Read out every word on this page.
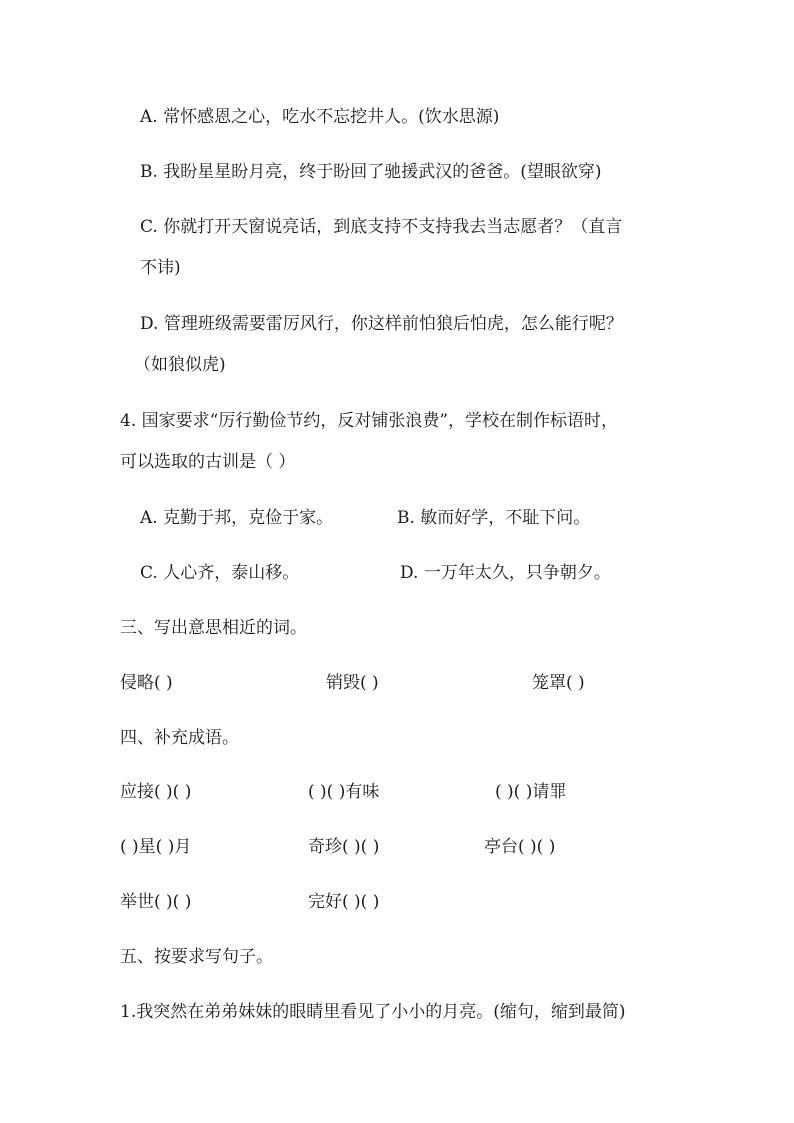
A. 常怀感恩之心，吃水不忘挖井人。(饮水思源)
B. 我盼星星盼月亮，终于盼回了驰援武汉的爸爸。(望眼欲穿)
C. 你就打开天窗说亮话，到底支持不支持我去当志愿者？（直言
不讳)
D. 管理班级需要雷厉风行，你这样前怕狼后怕虎，怎么能行呢？
（如狼似虎)
4. 国家要求“厉行勤俭节约，反对铺张浪费”，学校在制作标语时，
可以选取的古训是（ ）
A. 克勤于邦，克俭于家。	B. 敏而好学，不耻下问。
C. 人心齐，泰山移。	D. 一万年太久，只争朝夕。
三、写出意思相近的词。
侵略( )	销毁( )	笼罩( )
四、补充成语。
应接( )( )	( )( )有味	( )( )请罪
( )星( )月	奇珍( )( )	亭台( )( )
举世( )( )	完好( )( )
五、按要求写句子。
1.我突然在弟弟妹妹的眼睛里看见了小小的月亮。(缩句，缩到最简)
